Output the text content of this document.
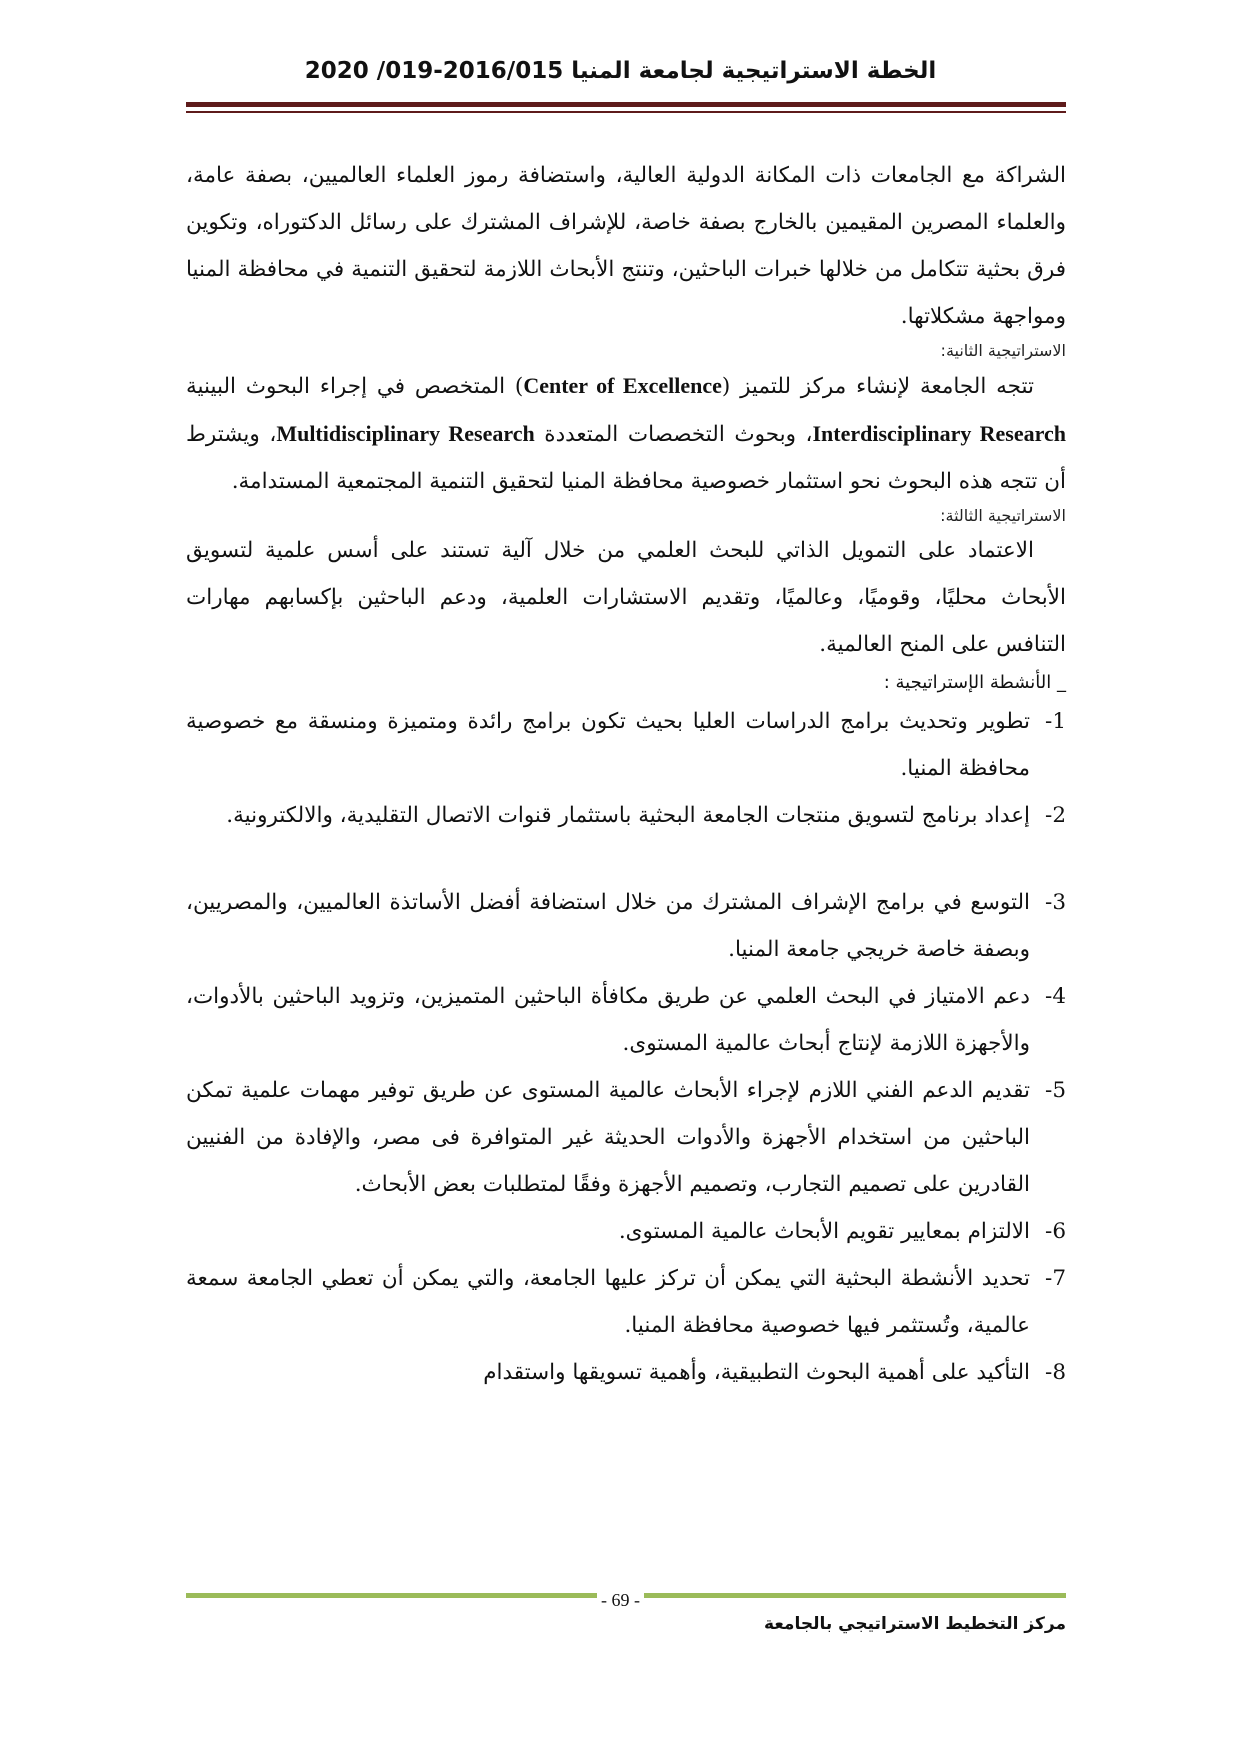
الخطة الاستراتيجية لجامعة المنيا 2016/015-019/ 2020

الشراكة مع الجامعات ذات المكانة الدولية العالية، واستضافة رموز العلماء العالميين، بصفة عامة، والعلماء المصرين المقيمين بالخارج بصفة خاصة، للإشراف المشترك على رسائل الدكتوراه، وتكوين فرق بحثية تتكامل من خلالها خبرات الباحثين، وتنتج الأبحاث اللازمة لتحقيق التنمية في محافظة المنيا ومواجهة مشكلاتها.

الاستراتيجية الثانية:

تتجه الجامعة لإنشاء مركز للتميز (Center of Excellence) المتخصص في إجراء البحوث البينية Interdisciplinary Research، وبحوث التخصصات المتعددة Multidisciplinary Research، ويشترط أن تتجه هذه البحوث نحو استثمار خصوصية محافظة المنيا لتحقيق التنمية المجتمعية المستدامة.

الاستراتيجية الثالثة:

الاعتماد على التمويل الذاتي للبحث العلمي من خلال آلية تستند على أسس علمية لتسويق الأبحاث محليًا، وقوميًا، وعالميًا، وتقديم الاستشارات العلمية، ودعم الباحثين بإكسابهم مهارات التنافس على المنح العالمية.

_ الأنشطة الإستراتيجية :

1-
تطوير وتحديث برامج الدراسات العليا بحيث تكون برامج رائدة ومتميزة ومنسقة مع خصوصية محافظة المنيا.
2-
إعداد برنامج لتسويق منتجات الجامعة البحثية باستثمار قنوات الاتصال التقليدية، والالكترونية.
3-
التوسع في برامج الإشراف المشترك من خلال استضافة أفضل الأساتذة العالميين، والمصريين، وبصفة خاصة خريجي جامعة المنيا.
4-
دعم الامتياز في البحث العلمي عن طريق مكافأة الباحثين المتميزين، وتزويد الباحثين بالأدوات، والأجهزة اللازمة لإنتاج أبحاث عالمية المستوى.
5-
تقديم الدعم الفني اللازم لإجراء الأبحاث عالمية المستوى عن طريق توفير مهمات علمية تمكن الباحثين من استخدام الأجهزة والأدوات الحديثة غير المتوافرة فى مصر، والإفادة من الفنيين القادرين على تصميم التجارب، وتصميم الأجهزة وفقًا لمتطلبات بعض الأبحاث.
6-
الالتزام بمعايير تقويم الأبحاث عالمية المستوى.
7-
تحديد الأنشطة البحثية التي يمكن أن تركز عليها الجامعة، والتي يمكن أن تعطي الجامعة سمعة عالمية، وتُستثمر فيها خصوصية محافظة المنيا.
8-
التأكيد على أهمية البحوث التطبيقية، وأهمية تسويقها واستقدام
- 69 -
مركز التخطيط الاستراتيجي بالجامعة
